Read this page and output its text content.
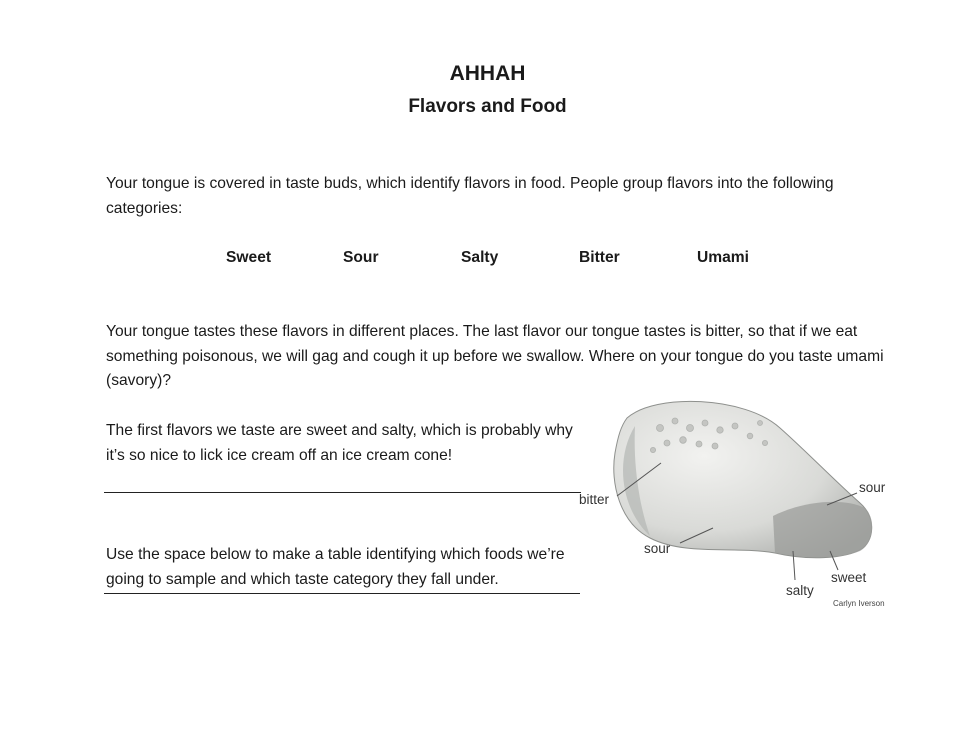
AHHAH
Flavors and Food
Your tongue is covered in taste buds, which identify flavors in food. People group flavors into the following categories:
Sweet	Sour	Salty	Bitter	Umami
Your tongue tastes these flavors in different places. The last flavor our tongue tastes is bitter, so that if we eat something poisonous, we will gag and cough it up before we swallow. Where on your tongue do you taste umami (savory)?
The first flavors we taste are sweet and salty, which is probably why it’s so nice to lick ice cream off an ice cream cone!
Use the space below to make a table identifying which foods we’re going to sample and which taste category they fall under.
bitter
sour
sour
salty
sweet
Carlyn Iverson
